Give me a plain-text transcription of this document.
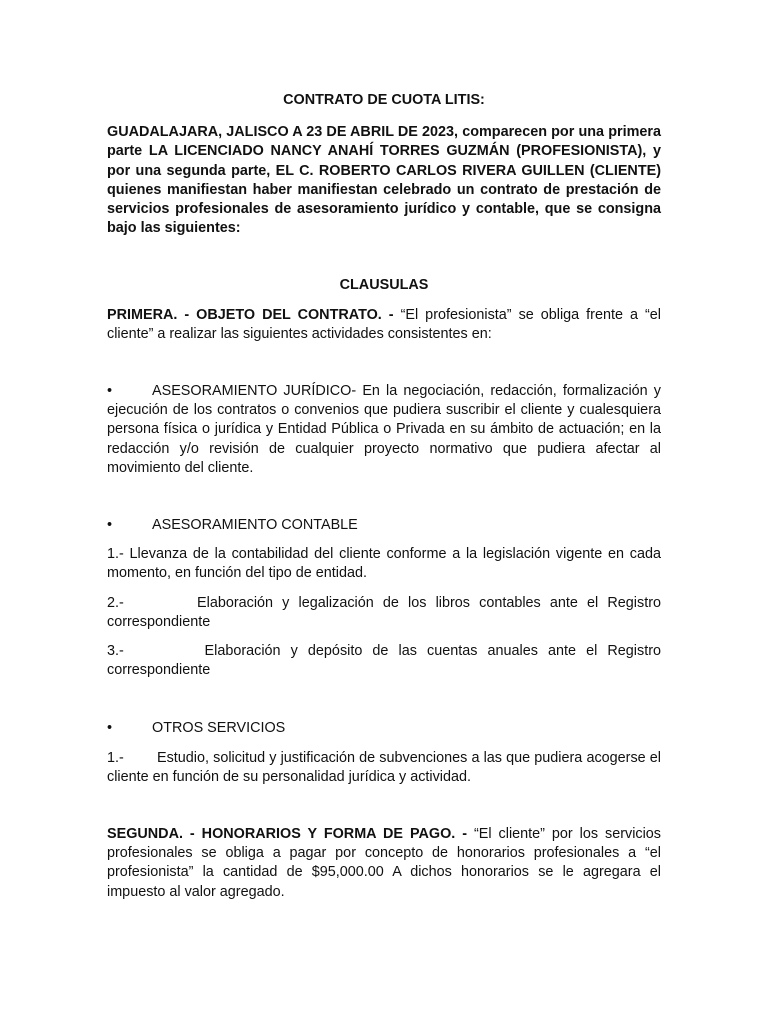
CONTRATO DE CUOTA LITIS:

GUADALAJARA, JALISCO A 23 DE ABRIL DE 2023, comparecen por una primera parte LA LICENCIADO NANCY ANAHÍ TORRES GUZMÁN (PROFESIONISTA), y por una segunda parte, EL C. ROBERTO CARLOS RIVERA GUILLEN (CLIENTE) quienes manifiestan haber manifiestan celebrado un contrato de prestación de servicios profesionales de asesoramiento jurídico y contable, que se consigna bajo las siguientes:

CLAUSULAS

PRIMERA. - OBJETO DEL CONTRATO. - “El profesionista” se obliga frente a “el cliente” a realizar las siguientes actividades consistentes en:

•	ASESORAMIENTO JURÍDICO- En la negociación, redacción, formalización y ejecución de los contratos o convenios que pudiera suscribir el cliente y cualesquiera persona física o jurídica y Entidad Pública o Privada en su ámbito de actuación; en la redacción y/o revisión de cualquier proyecto normativo que pudiera afectar al movimiento del cliente.

•	ASESORAMIENTO CONTABLE

1.- Llevanza de la contabilidad del cliente conforme a la legislación vigente en cada momento, en función del tipo de entidad.

2.-	Elaboración y legalización de los libros contables ante el Registro correspondiente

3.-	Elaboración y depósito de las cuentas anuales ante el Registro correspondiente

•	OTROS SERVICIOS

1.- Estudio, solicitud y justificación de subvenciones a las que pudiera acogerse el cliente en función de su personalidad jurídica y actividad.

SEGUNDA. - HONORARIOS Y FORMA DE PAGO. - “El cliente” por los servicios profesionales se obliga a pagar por concepto de honorarios profesionales a “el profesionista” la cantidad de $95,000.00 A dichos honorarios se le agregara el impuesto al valor agregado.
